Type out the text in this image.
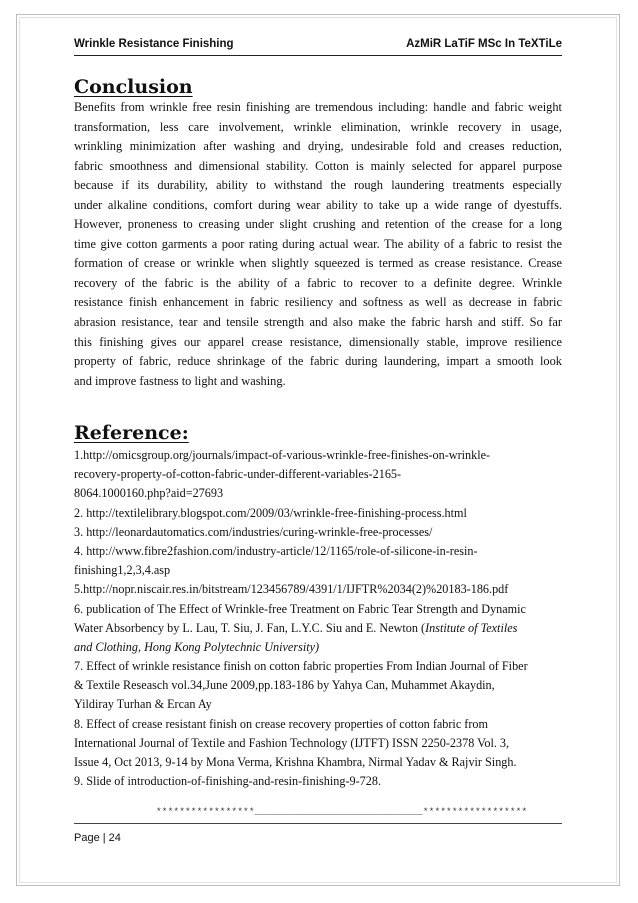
Wrinkle Resistance Finishing	AzMiR LaTiF MSc In TeXTiLe
Conclusion
Benefits from wrinkle free resin finishing are tremendous including: handle and fabric weight
transformation, less care involvement, wrinkle elimination, wrinkle recovery in usage,
wrinkling minimization after washing and drying, undesirable fold and creases reduction,
fabric smoothness and dimensional stability. Cotton is mainly selected for apparel purpose
because if its durability, ability to withstand the rough laundering treatments especially
under alkaline conditions, comfort during wear ability to take up a wide range of dyestuffs.
However, proneness to creasing under slight crushing and retention of the crease for a long
time give cotton garments a poor rating during actual wear. The ability of a fabric to resist the
formation of crease or wrinkle when slightly squeezed is termed as crease resistance. Crease
recovery of the fabric is the ability of a fabric to recover to a definite degree. Wrinkle
resistance finish enhancement in fabric resiliency and softness as well as decrease in fabric
abrasion resistance, tear and tensile strength and also make the fabric harsh and stiff. So far
this finishing gives our apparel crease resistance, dimensionally stable, improve resilience
property of fabric, reduce shrinkage of the fabric during laundering, impart a smooth look
and improve fastness to light and washing.
Reference:
1.http://omicsgroup.org/journals/impact-of-various-wrinkle-free-finishes-on-wrinkle-
recovery-property-of-cotton-fabric-under-different-variables-2165-
8064.1000160.php?aid=27693
2. http://textilelibrary.blogspot.com/2009/03/wrinkle-free-finishing-process.html
3. http://leonardautomatics.com/industries/curing-wrinkle-free-processes/
4. http://www.fibre2fashion.com/industry-article/12/1165/role-of-silicone-in-resin-
finishing1,2,3,4.asp
5.http://nopr.niscair.res.in/bitstream/123456789/4391/1/IJFTR%2034(2)%20183-186.pdf
6. publication of The Effect of Wrinkle-free Treatment on Fabric Tear Strength and Dynamic
Water Absorbency by L. Lau, T. Siu, J. Fan, L.Y.C. Siu and E. Newton (Institute of Textiles
and Clothing, Hong Kong Polytechnic University)
7. Effect of wrinkle resistance finish on cotton fabric properties From Indian Journal of Fiber
& Textile Reseasch vol.34,June 2009,pp.183-186 by Yahya Can, Muhammet Akaydin,
Yildiray Turhan & Ercan Ay
8. Effect of crease resistant finish on crease recovery properties of cotton fabric from
International Journal of Textile and Fashion Technology (IJTFT) ISSN 2250-2378 Vol. 3,
Issue 4, Oct 2013, 9-14 by Mona Verma, Krishna Khambra, Nirmal Yadav & Rajvir Singh.
9. Slide of introduction-of-finishing-and-resin-finishing-9-728.
*****************_____________________________******************
Page | 24
